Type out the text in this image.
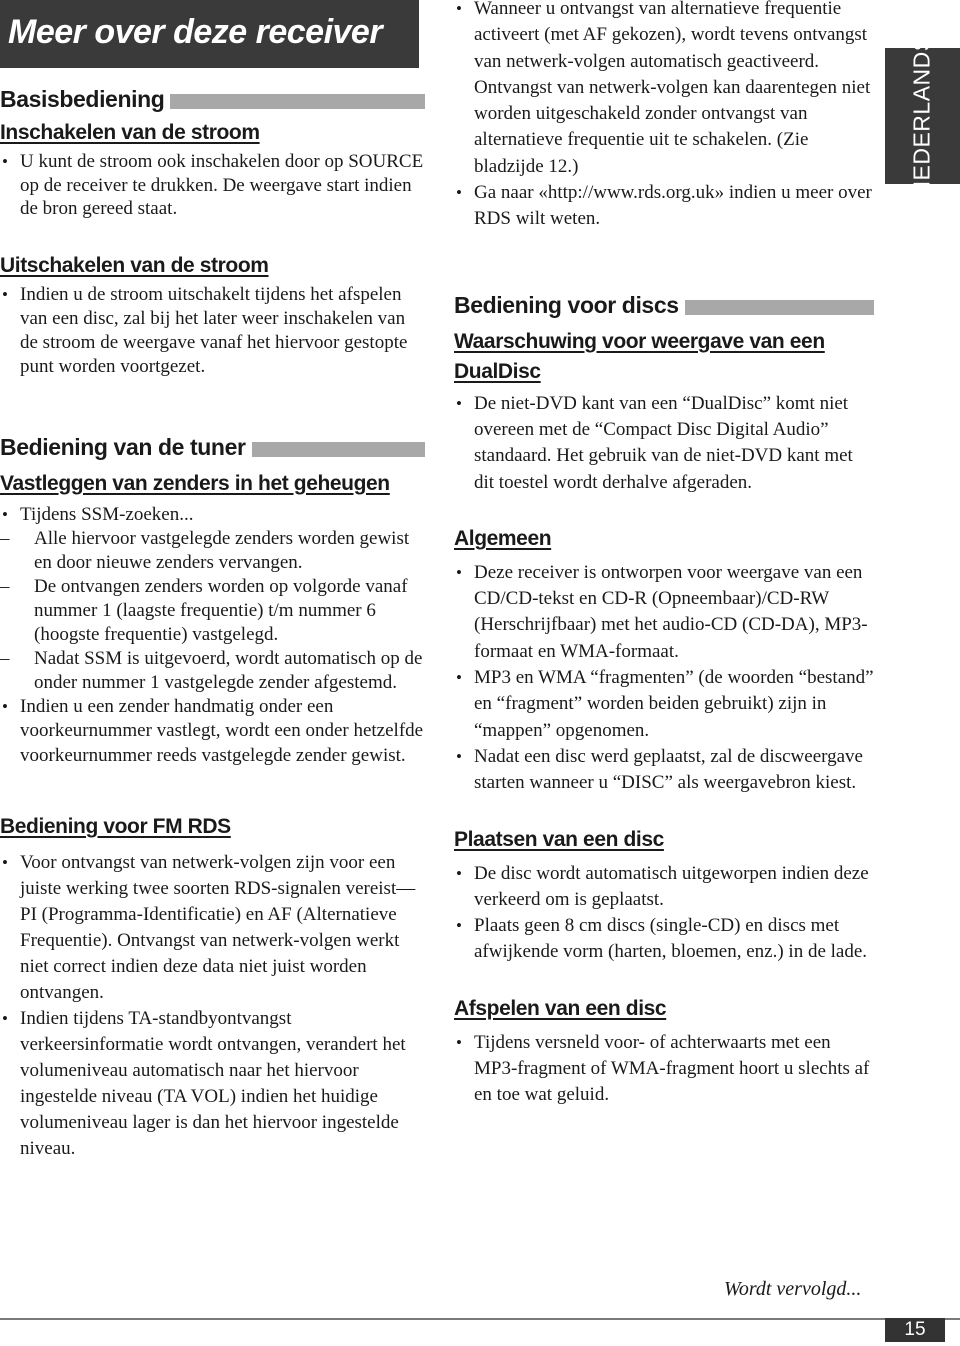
Meer over deze receiver
Basisbediening
Inschakelen van de stroom
• U kunt de stroom ook inschakelen door op SOURCE op de receiver te drukken. De weergave start indien de bron gereed staat.
Uitschakelen van de stroom
• Indien u de stroom uitschakelt tijdens het afspelen van een disc, zal bij het later weer inschakelen van de stroom de weergave vanaf het hiervoor gestopte punt worden voortgezet.
Bediening van de tuner
Vastleggen van zenders in het geheugen
• Tijdens SSM-zoeken...
– Alle hiervoor vastgelegde zenders worden gewist en door nieuwe zenders vervangen.
– De ontvangen zenders worden op volgorde vanaf nummer 1 (laagste frequentie) t/m nummer 6 (hoogste frequentie) vastgelegd.
– Nadat SSM is uitgevoerd, wordt automatisch op de onder nummer 1 vastgelegde zender afgestemd.
• Indien u een zender handmatig onder een voorkeurnummer vastlegt, wordt een onder hetzelfde voorkeurnummer reeds vastgelegde zender gewist.
Bediening voor FM RDS
• Voor ontvangst van netwerk-volgen zijn voor een juiste werking twee soorten RDS-signalen vereist—PI (Programma-Identificatie) en AF (Alternatieve Frequentie). Ontvangst van netwerk-volgen werkt niet correct indien deze data niet juist worden ontvangen.
• Indien tijdens TA-standbyontvangst verkeersinformatie wordt ontvangen, verandert het volumeniveau automatisch naar het hiervoor ingestelde niveau (TA VOL) indien het huidige volumeniveau lager is dan het hiervoor ingestelde niveau.
• Wanneer u ontvangst van alternatieve frequentie activeert (met AF gekozen), wordt tevens ontvangst van netwerk-volgen automatisch geactiveerd. Ontvangst van netwerk-volgen kan daarentegen niet worden uitgeschakeld zonder ontvangst van alternatieve frequentie uit te schakelen. (Zie bladzijde 12.)
• Ga naar «http://www.rds.org.uk» indien u meer over RDS wilt weten.
Bediening voor discs
Waarschuwing voor weergave van een DualDisc
• De niet-DVD kant van een “DualDisc” komt niet overeen met de “Compact Disc Digital Audio” standaard. Het gebruik van de niet-DVD kant met dit toestel wordt derhalve afgeraden.
Algemeen
• Deze receiver is ontworpen voor weergave van een CD/CD-tekst en CD-R (Opneembaar)/CD-RW (Herschrijfbaar) met het audio-CD (CD-DA), MP3-formaat en WMA-formaat.
• MP3 en WMA “fragmenten” (de woorden “bestand” en “fragment” worden beiden gebruikt) zijn in “mappen” opgenomen.
• Nadat een disc werd geplaatst, zal de discweergave starten wanneer u “DISC” als weergavebron kiest.
Plaatsen van een disc
• De disc wordt automatisch uitgeworpen indien deze verkeerd om is geplaatst.
• Plaats geen 8 cm discs (single-CD) en discs met afwijkende vorm (harten, bloemen, enz.) in de lade.
Afspelen van een disc
• Tijdens versneld voor- of achterwaarts met een MP3-fragment of WMA-fragment hoort u slechts af en toe wat geluid.
NEDERLANDS
Wordt vervolgd...
15
